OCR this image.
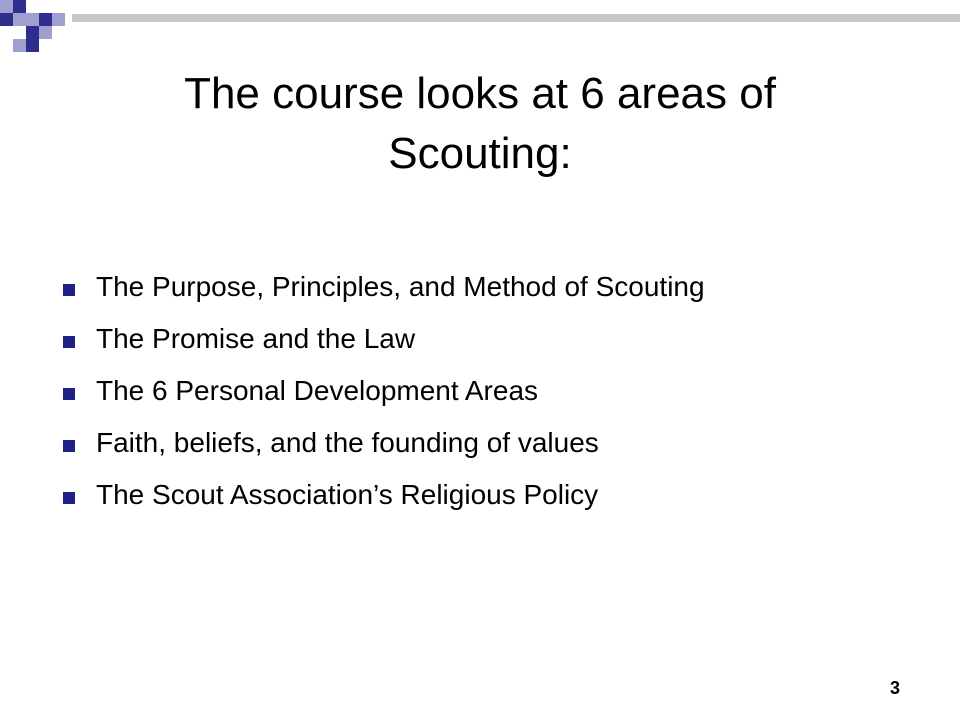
The course looks at 6 areas of Scouting:
The Purpose, Principles, and Method of Scouting
The Promise and the Law
The 6 Personal Development Areas
Faith, beliefs, and the founding of values
The Scout Association’s Religious Policy
3
